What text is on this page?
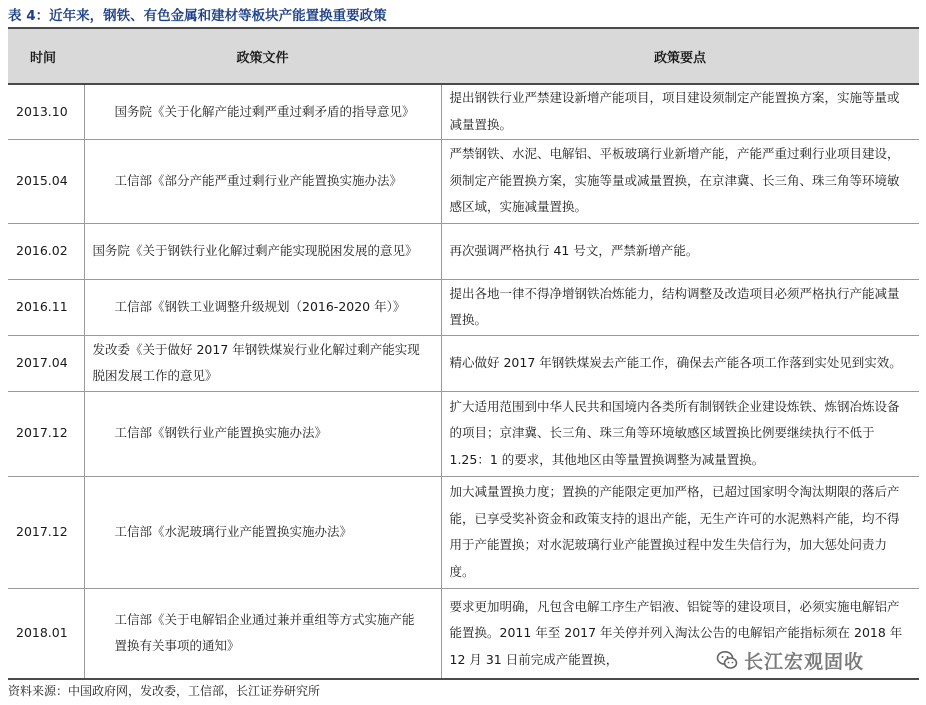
表 4：近年来，钢铁、有色金属和建材等板块产能置换重要政策
时间	政策文件	政策要点
2013.10	国务院《关于化解产能过剩严重过剩矛盾的指导意见》	提出钢铁行业严禁建设新增产能项目，项目建设须制定产能置换方案，实施等量或减量置换。
2015.04	工信部《部分产能严重过剩行业产能置换实施办法》	严禁钢铁、水泥、电解铝、平板玻璃行业新增产能，产能严重过剩行业项目建设，须制定产能置换方案，实施等量或减量置换，在京津冀、长三角、珠三角等环境敏感区域，实施减量置换。
2016.02	国务院《关于钢铁行业化解过剩产能实现脱困发展的意见》	再次强调严格执行 41 号文，严禁新增产能。
2016.11	工信部《钢铁工业调整升级规划（2016-2020 年）》	提出各地一律不得净增钢铁冶炼能力，结构调整及改造项目必须严格执行产能减量置换。
2017.04	发改委《关于做好 2017 年钢铁煤炭行业化解过剩产能实现脱困发展工作的意见》	精心做好 2017 年钢铁煤炭去产能工作，确保去产能各项工作落到实处见到实效。
2017.12	工信部《钢铁行业产能置换实施办法》	扩大适用范围到中华人民共和国境内各类所有制钢铁企业建设炼铁、炼钢冶炼设备的项目；京津冀、长三角、珠三角等环境敏感区域置换比例要继续执行不低于 1.25：1 的要求，其他地区由等量置换调整为减量置换。
2017.12	工信部《水泥玻璃行业产能置换实施办法》	加大减量置换力度；置换的产能限定更加严格，已超过国家明令淘汰期限的落后产能，已享受奖补资金和政策支持的退出产能，无生产许可的水泥熟料产能，均不得用于产能置换；对水泥玻璃行业产能置换过程中发生失信行为，加大惩处问责力度。
2018.01	工信部《关于电解铝企业通过兼并重组等方式实施产能置换有关事项的通知》	要求更加明确，凡包含电解工序生产铝液、铝锭等的建设项目，必须实施电解铝产能置换。2011 年至 2017 年关停并列入淘汰公告的电解铝产能指标须在 2018 年 12 月 31 日前完成产能置换，
资料来源：中国政府网，发改委，工信部，长江证券研究所
长江宏观固收
